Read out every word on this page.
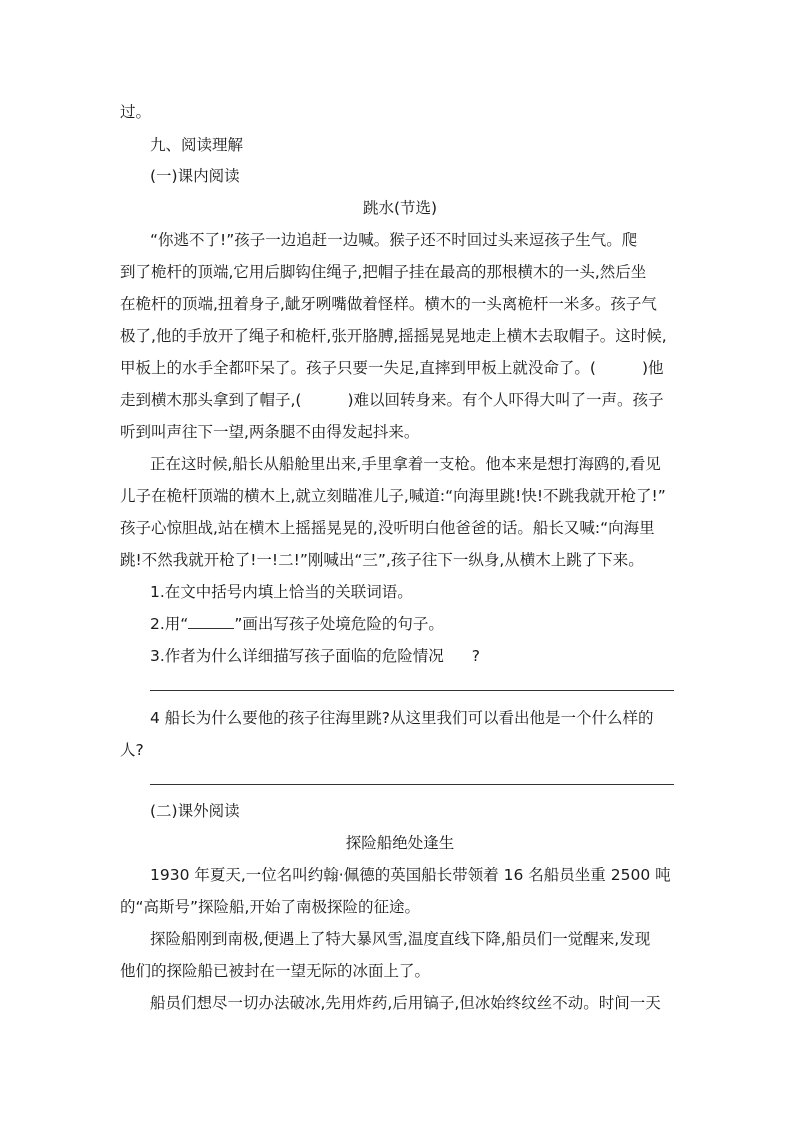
过。
九、阅读理解
(一)课内阅读
跳水(节选)
“你逃不了!”孩子一边追赶一边喊。猴子还不时回过头来逗孩子生气。爬
到了桅杆的顶端,它用后脚钩住绳子,把帽子挂在最高的那根横木的一头,然后坐
在桅杆的顶端,扭着身子,龇牙咧嘴做着怪样。横木的一头离桅杆一米多。孩子气
极了,他的手放开了绳子和桅杆,张开胳膊,摇摇晃晃地走上横木去取帽子。这时候,
甲板上的水手全都吓呆了。孩子只要一失足,直摔到甲板上就没命了。(	)他
走到横木那头拿到了帽子,(	)难以回转身来。有个人吓得大叫了一声。孩子
听到叫声往下一望,两条腿不由得发起抖来。
正在这时候,船长从船舱里出来,手里拿着一支枪。他本来是想打海鸥的,看见
儿子在桅杆顶端的横木上,就立刻瞄准儿子,喊道:“向海里跳!快!不跳我就开枪了!”
孩子心惊胆战,站在横木上摇摇晃晃的,没听明白他爸爸的话。船长又喊:“向海里
跳!不然我就开枪了!一!二!”刚喊出“三”,孩子往下一纵身,从横木上跳了下来。
1.在文中括号内填上恰当的关联词语。
2.用“	”画出写孩子处境危险的句子。
3.作者为什么详细描写孩子面临的危险情况 ?
4 船长为什么要他的孩子往海里跳?从这里我们可以看出他是一个什么样的
人?
(二)课外阅读
探险船绝处逢生
1930 年夏天,一位名叫约翰·佩德的英国船长带领着 16 名船员坐重 2500 吨
的“高斯号”探险船,开始了南极探险的征途。
探险船刚到南极,便遇上了特大暴风雪,温度直线下降,船员们一觉醒来,发现
他们的探险船已被封在一望无际的冰面上了。
船员们想尽一切办法破冰,先用炸药,后用镐子,但冰始终纹丝不动。时间一天
